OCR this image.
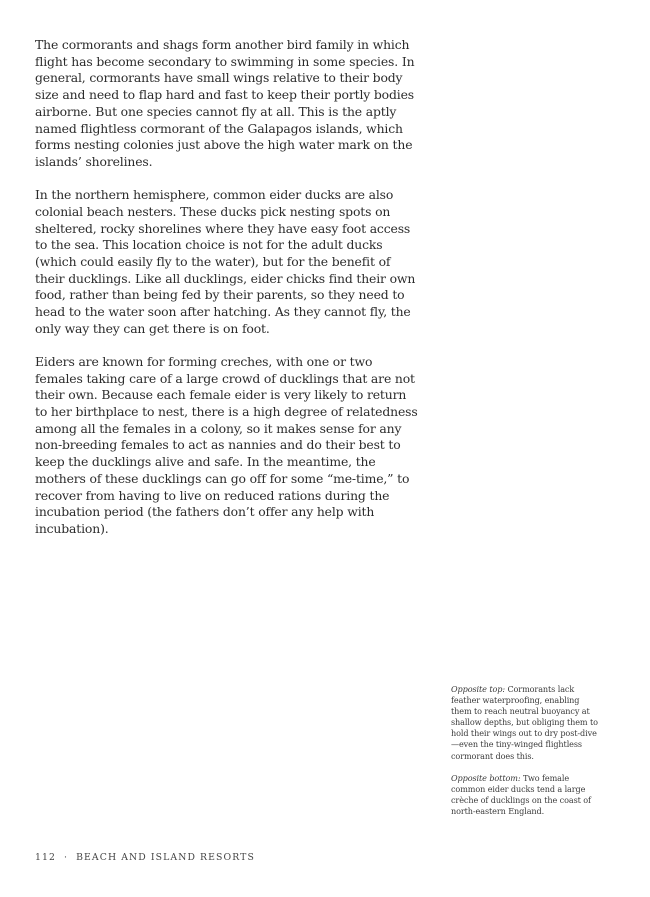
The cormorants and shags form another bird family in which flight has become secondary to swimming in some species. In general, cormorants have small wings relative to their body size and need to flap hard and fast to keep their portly bodies airborne. But one species cannot fly at all. This is the aptly named flightless cormorant of the Galapagos islands, which forms nesting colonies just above the high water mark on the islands’ shorelines.

In the northern hemisphere, common eider ducks are also colonial beach nesters. These ducks pick nesting spots on sheltered, rocky shorelines where they have easy foot access to the sea. This location choice is not for the adult ducks (which could easily fly to the water), but for the benefit of their ducklings. Like all ducklings, eider chicks find their own food, rather than being fed by their parents, so they need to head to the water soon after hatching. As they cannot fly, the only way they can get there is on foot.

Eiders are known for forming creches, with one or two females taking care of a large crowd of ducklings that are not their own. Because each female eider is very likely to return to her birthplace to nest, there is a high degree of relatedness among all the females in a colony, so it makes sense for any non-breeding females to act as nannies and do their best to keep the ducklings alive and safe. In the meantime, the mothers of these ducklings can go off for some “me-time,” to recover from having to live on reduced rations during the incubation period (the fathers don’t offer any help with incubation).

Opposite top: Cormorants lack feather waterproofing, enabling them to reach neutral buoyancy at shallow depths, but obliging them to hold their wings out to dry post-dive—even the tiny-winged flightless cormorant does this.

Opposite bottom: Two female common eider ducks tend a large crèche of ducklings on the coast of north-eastern England.

112 · BEACH AND ISLAND RESORTS
